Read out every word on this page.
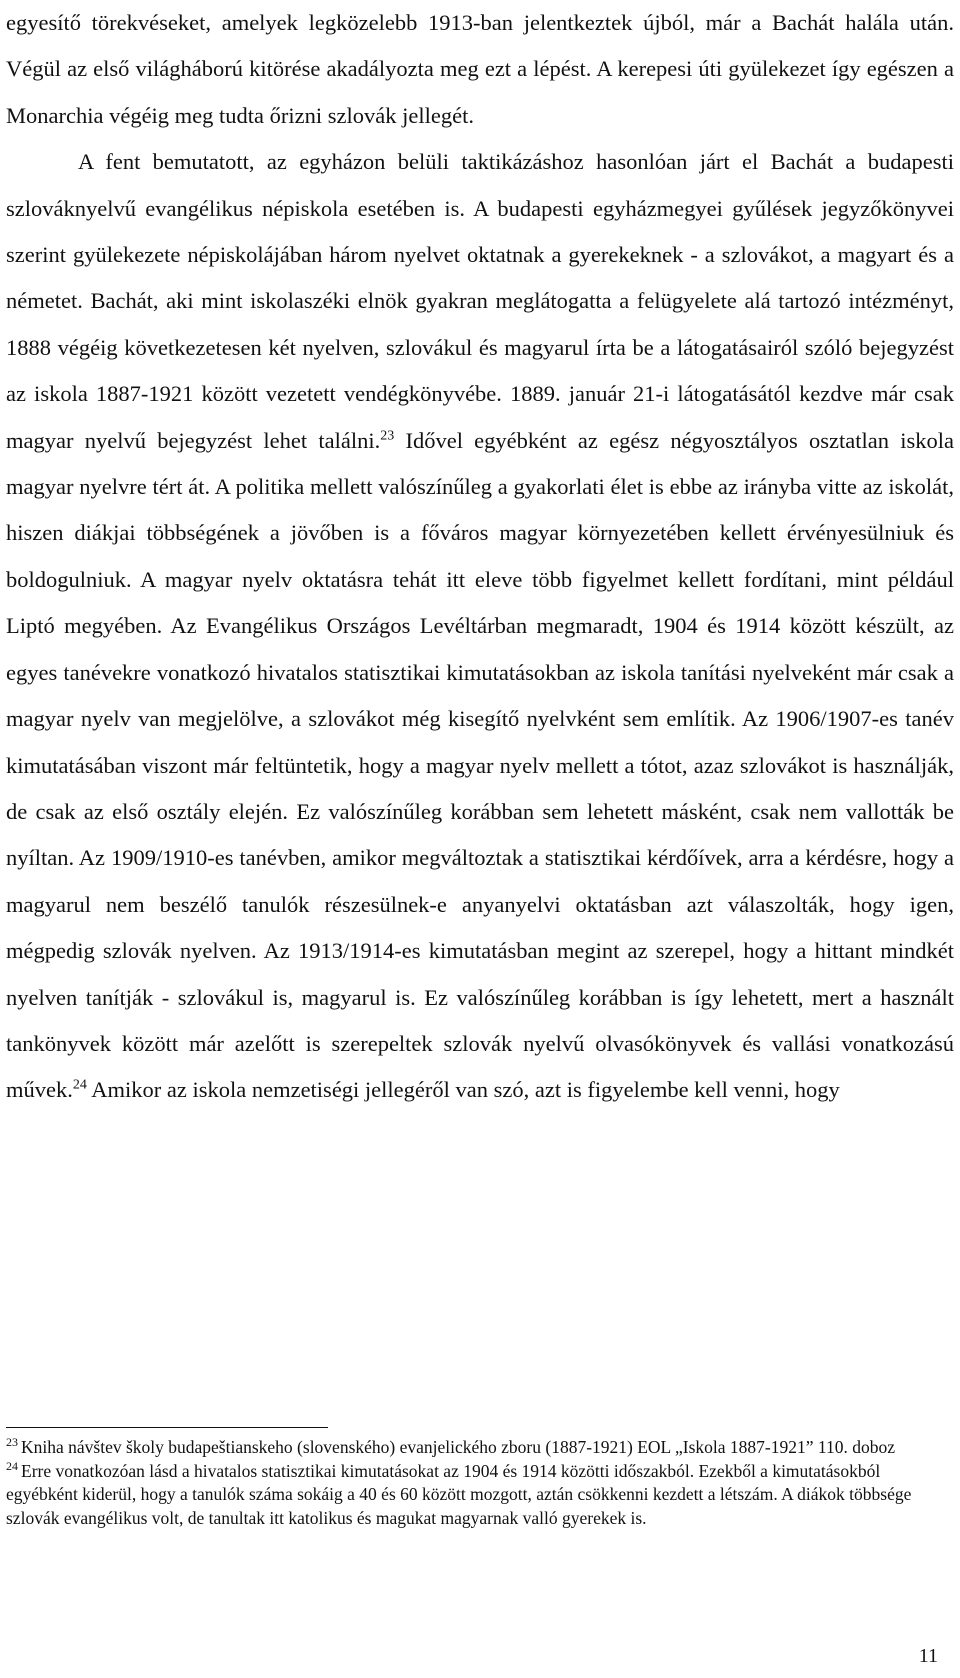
egyesítő törekvéseket, amelyek legközelebb 1913-ban jelentkeztek újból, már a Bachát halála után. Végül az első világháború kitörése akadályozta meg ezt a lépést. A kerepesi úti gyülekezet így egészen a Monarchia végéig meg tudta őrizni szlovák jellegét.

A fent bemutatott, az egyházon belüli taktikázáshoz hasonlóan járt el Bachát a budapesti szlováknyelvű evangélikus népiskola esetében is. A budapesti egyházmegyei gyűlések jegyzőkönyvei szerint gyülekezete népiskolájában három nyelvet oktatnak a gyerekeknek - a szlovákot, a magyart és a németet. Bachát, aki mint iskolaszéki elnök gyakran meglátogatta a felügyelete alá tartozó intézményt, 1888 végéig következetesen két nyelven, szlovákul és magyarul írta be a látogatásairól szóló bejegyzést az iskola 1887-1921 között vezetett vendégkönyvébe. 1889. január 21-i látogatásától kezdve már csak magyar nyelvű bejegyzést lehet találni.$^{23}$ Idővel egyébként az egész négyosztályos osztatlan iskola magyar nyelvre tért át. A politika mellett valószínűleg a gyakorlati élet is ebbe az irányba vitte az iskolát, hiszen diákjai többségének a jövőben is a főváros magyar környezetében kellett érvényesülniuk és boldogulniuk. A magyar nyelv oktatásra tehát itt eleve több figyelmet kellett fordítani, mint például Liptó megyében. Az Evangélikus Országos Levéltárban megmaradt, 1904 és 1914 között készült, az egyes tanévekre vonatkozó hivatalos statisztikai kimutatásokban az iskola tanítási nyelveként már csak a magyar nyelv van megjelölve, a szlovákot még kisegítő nyelvként sem említik. Az 1906/1907-es tanév kimutatásában viszont már feltüntetik, hogy a magyar nyelv mellett a tótot, azaz szlovákot is használják, de csak az első osztály elején. Ez valószínűleg korábban sem lehetett másként, csak nem vallották be nyíltan. Az 1909/1910-es tanévben, amikor megváltoztak a statisztikai kérdőívek, arra a kérdésre, hogy a magyarul nem beszélő tanulók részesülnek-e anyanyelvi oktatásban azt válaszolták, hogy igen, mégpedig szlovák nyelven. Az 1913/1914-es kimutatásban megint az szerepel, hogy a hittant mindkét nyelven tanítják - szlovákul is, magyarul is. Ez valószínűleg korábban is így lehetett, mert a használt tankönyvek között már azelőtt is szerepeltek szlovák nyelvű olvasókönyvek és vallási vonatkozású művek.$^{24}$ Amikor az iskola nemzetiségi jellegéről van szó, azt is figyelembe kell venni, hogy

$^{23}$ Kniha návštev školy budapeštianskeho (slovenského) evanjelického zboru (1887-1921) EOL „Iskola 1887-1921” 110. doboz

$^{24}$ Erre vonatkozóan lásd a hivatalos statisztikai kimutatásokat az 1904 és 1914 közötti időszakból. Ezekből a kimutatásokból egyébként kiderül, hogy a tanulók száma sokáig a 40 és 60 között mozgott, aztán csökkenni kezdett a létszám. A diákok többsége szlovák evangélikus volt, de tanultak itt katolikus és magukat magyarnak valló gyerekek is.

11
